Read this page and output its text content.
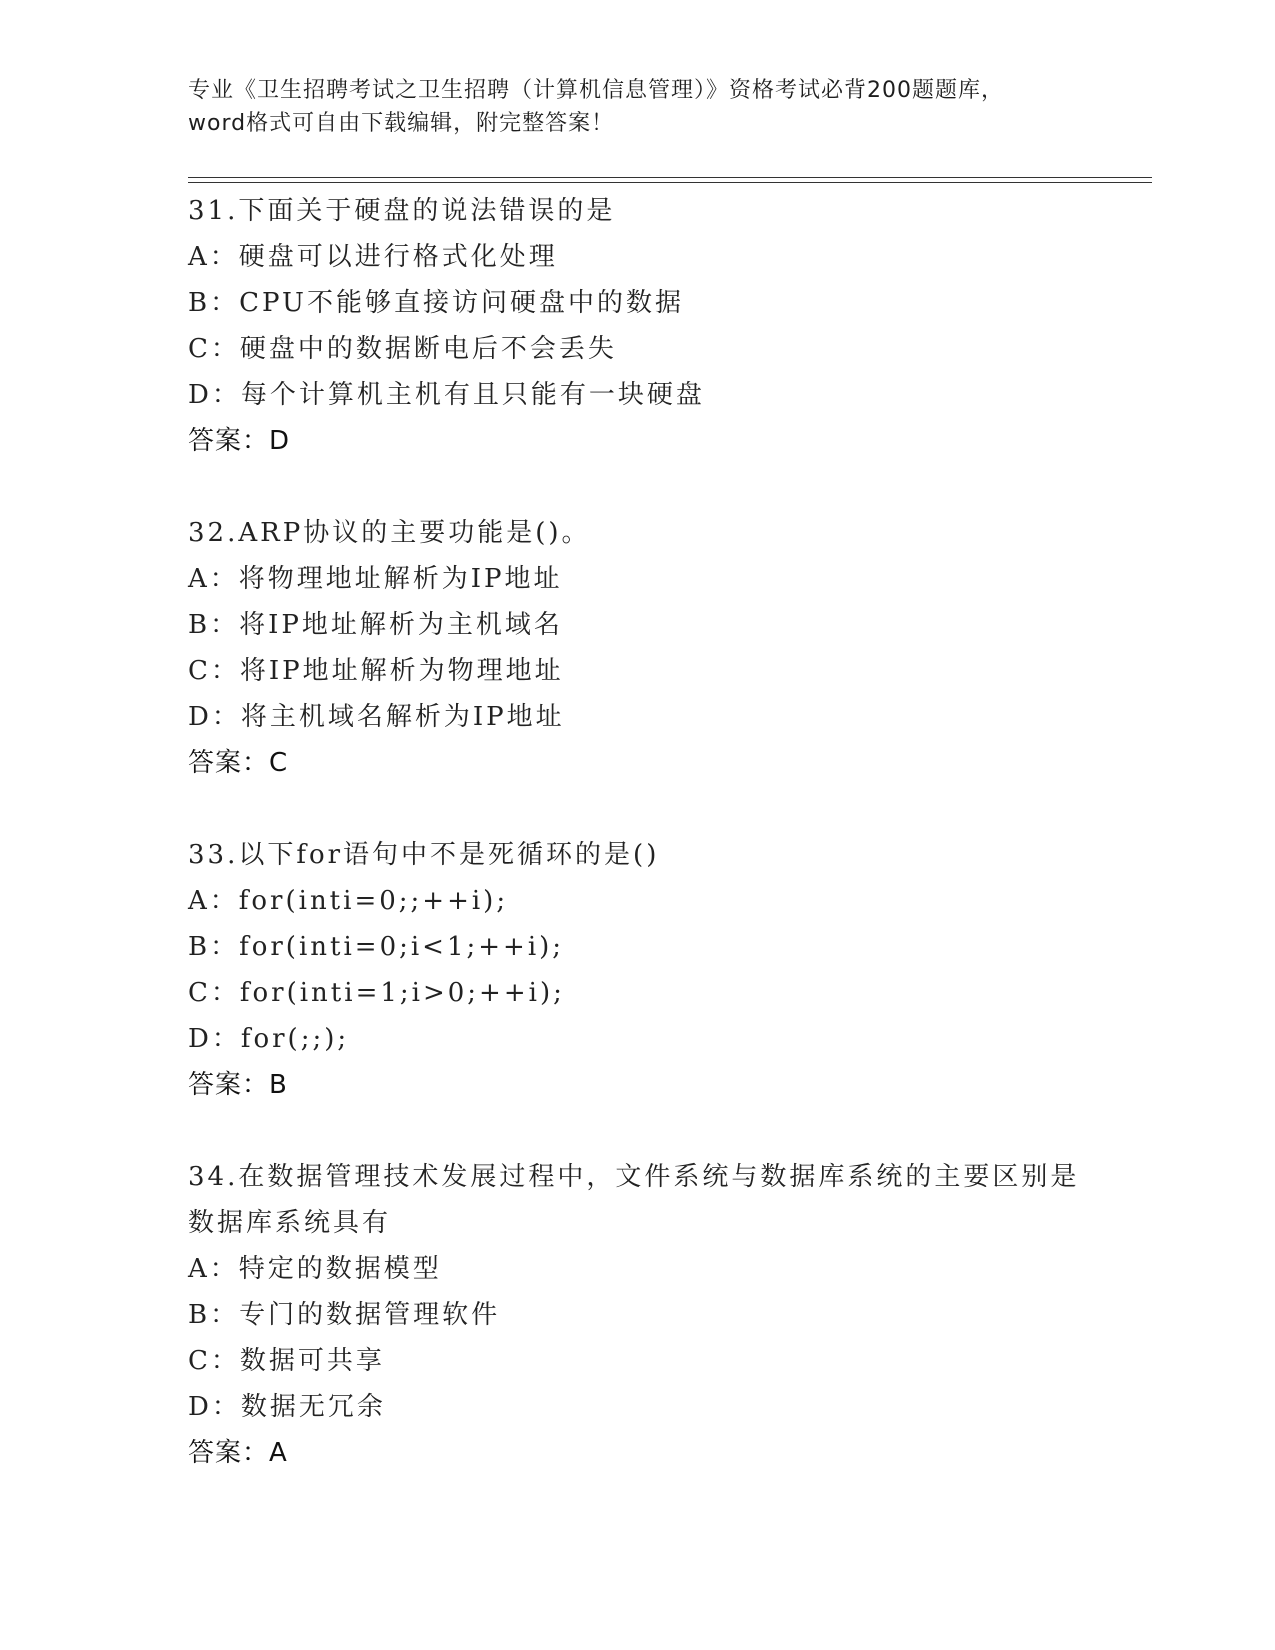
专业《卫生招聘考试之卫生招聘（计算机信息管理）》资格考试必背200题题库，
word格式可自由下载编辑，附完整答案！
31.下面关于硬盘的说法错误的是
A：硬盘可以进行格式化处理
B：CPU不能够直接访问硬盘中的数据
C：硬盘中的数据断电后不会丢失
D：每个计算机主机有且只能有一块硬盘
答案：D
32.ARP协议的主要功能是()。
A：将物理地址解析为IP地址
B：将IP地址解析为主机域名
C：将IP地址解析为物理地址
D：将主机域名解析为IP地址
答案：C
33.以下for语句中不是死循环的是()
A：for(inti=0;;++i);
B：for(inti=0;i<1;++i);
C：for(inti=1;i>0;++i);
D：for(;;);
答案：B
34.在数据管理技术发展过程中，文件系统与数据库系统的主要区别是
数据库系统具有
A：特定的数据模型
B：专门的数据管理软件
C：数据可共享
D：数据无冗余
答案：A
